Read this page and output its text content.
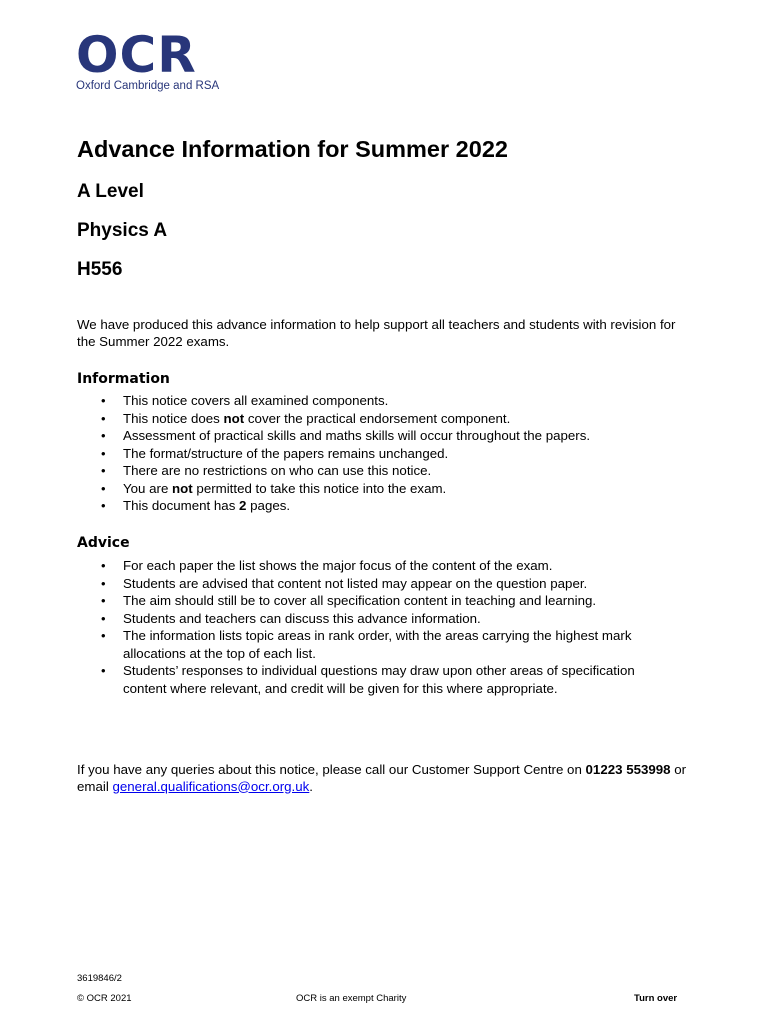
OCR
Oxford Cambridge and RSA
Advance Information for Summer 2022
A Level
Physics A
H556

We have produced this advance information to help support all teachers and students with revision for the Summer 2022 exams.

Information
• This notice covers all examined components.
• This notice does not cover the practical endorsement component.
• Assessment of practical skills and maths skills will occur throughout the papers.
• The format/structure of the papers remains unchanged.
• There are no restrictions on who can use this notice.
• You are not permitted to take this notice into the exam.
• This document has 2 pages.
Advice
• For each paper the list shows the major focus of the content of the exam.
• Students are advised that content not listed may appear on the question paper.
• The aim should still be to cover all specification content in teaching and learning.
• Students and teachers can discuss this advance information.
• The information lists topic areas in rank order, with the areas carrying the highest mark allocations at the top of each list.
• Students’ responses to individual questions may draw upon other areas of specification content where relevant, and credit will be given for this where appropriate.

If you have any queries about this notice, please call our Customer Support Centre on 01223 553998 or email general.qualifications@ocr.org.uk.

3619846/2
© OCR 2021	OCR is an exempt Charity	Turn over
